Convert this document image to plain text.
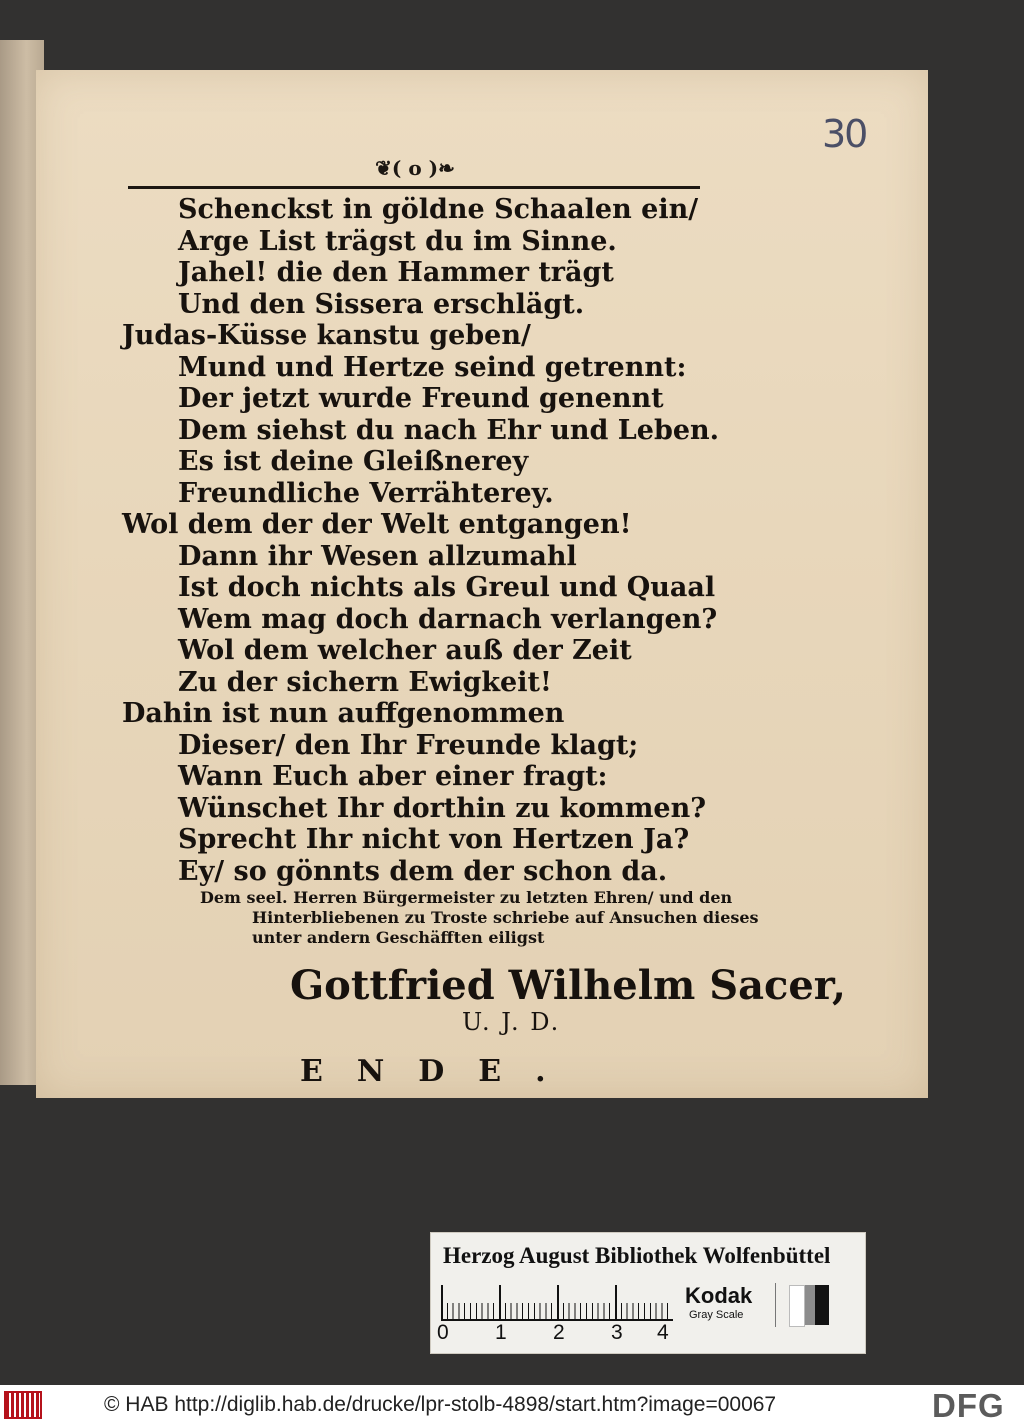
30
❦( o )❧
Schenckst in göldne Schaalen ein/
Arge List trägst du im Sinne.
Jahel! die den Hammer trägt
Und den Sissera erschlägt.
Judas-Küsse kanstu geben/
Mund und Hertze seind getrennt:
Der jetzt wurde Freund genennt
Dem siehst du nach Ehr und Leben.
Es ist deine Gleißnerey
Freundliche Verrähterey.
Wol dem der der Welt entgangen!
Dann ihr Wesen allzumahl
Ist doch nichts als Greul und Quaal
Wem mag doch darnach verlangen?
Wol dem welcher auß der Zeit
Zu der sichern Ewigkeit!
Dahin ist nun auffgenommen
Dieser/ den Ihr Freunde klagt;
Wann Euch aber einer fragt:
Wünschet Ihr dorthin zu kommen?
Sprecht Ihr nicht von Hertzen Ja?
Ey/ so gönnts dem der schon da.
Dem seel. Herren Bürgermeister zu letzten Ehren/ und den
Hinterbliebenen zu Troste schriebe auf Ansuchen dieses
unter andern Geschäfften eiligst
Gottfried Wilhelm Sacer,
U. J. D.
ENDE.
Herzog August Bibliothek Wolfenbüttel
0 1 2 3 4
Kodak
Gray Scale
© HAB http://diglib.hab.de/drucke/lpr-stolb-4898/start.htm?image=00067	DFG
